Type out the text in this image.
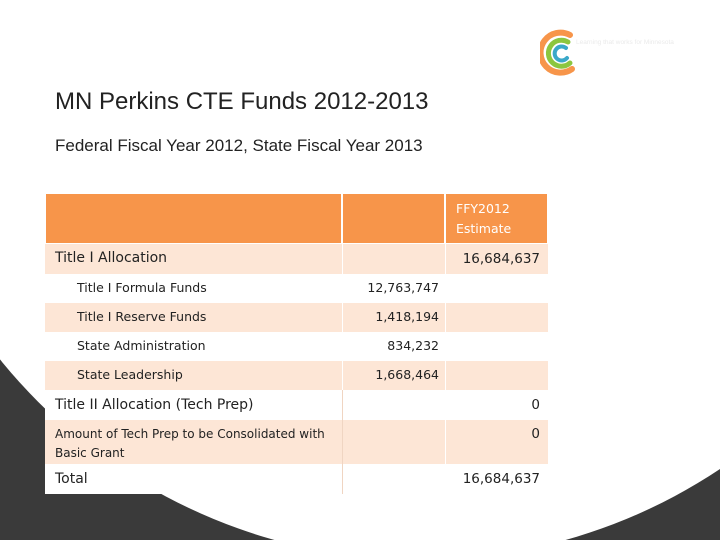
Learning that works for Minnesota
CTE
MN Perkins CTE Funds 2012-2013

Federal Fiscal Year 2012, State Fiscal Year 2013

FFY2012
Estimate
Title I Allocation
Title I Formula Funds
Title I Reserve Funds
State Administration
State Leadership
Title II Allocation (Tech Prep)
Amount of Tech Prep to be Consolidated with Basic Grant
Total
12,763,747
1,418,194
834,232
1,668,464
16,684,637
0
0
16,684,637
